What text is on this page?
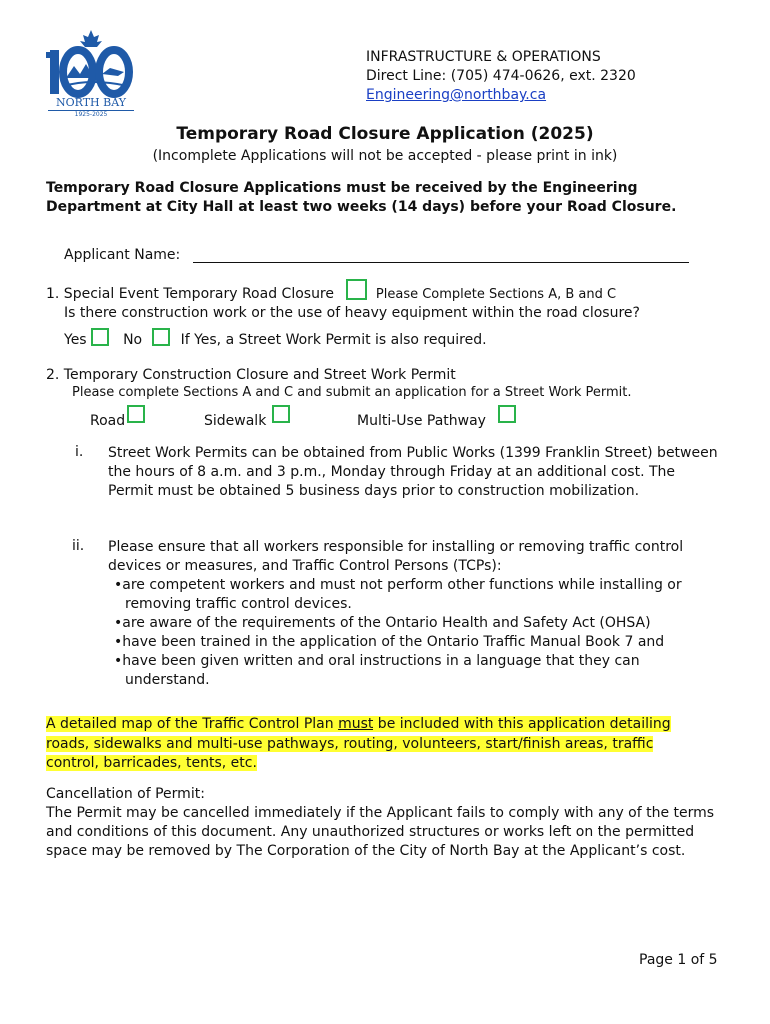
NORTH BAY
1925-2025
INFRASTRUCTURE & OPERATIONS
Direct Line: (705) 474-0626, ext. 2320
Engineering@northbay.ca
Temporary Road Closure Application (2025)
(Incomplete Applications will not be accepted - please print in ink)
Temporary Road Closure Applications must be received by the Engineering Department at City Hall at least two weeks (14 days) before your Road Closure.
Applicant Name:
1. Special Event Temporary Road Closure	Please Complete Sections A, B and C
Is there construction work or the use of heavy equipment within the road closure?
Yes	No	If Yes, a Street Work Permit is also required.
2. Temporary Construction Closure and Street Work Permit
Please complete Sections A and C and submit an application for a Street Work Permit.
Road	Sidewalk	Multi-Use Pathway
i. Street Work Permits can be obtained from Public Works (1399 Franklin Street) between the hours of 8 a.m. and 3 p.m., Monday through Friday at an additional cost. The Permit must be obtained 5 business days prior to construction mobilization.
ii. Please ensure that all workers responsible for installing or removing traffic control devices or measures, and Traffic Control Persons (TCPs):
•are competent workers and must not perform other functions while installing or removing traffic control devices.
•are aware of the requirements of the Ontario Health and Safety Act (OHSA)
•have been trained in the application of the Ontario Traffic Manual Book 7 and
•have been given written and oral instructions in a language that they can understand.
A detailed map of the Traffic Control Plan must be included with this application detailing roads, sidewalks and multi-use pathways, routing, volunteers, start/finish areas, traffic control, barricades, tents, etc.
Cancellation of Permit:
The Permit may be cancelled immediately if the Applicant fails to comply with any of the terms and conditions of this document. Any unauthorized structures or works left on the permitted space may be removed by The Corporation of the City of North Bay at the Applicant’s cost.
Page 1 of 5
